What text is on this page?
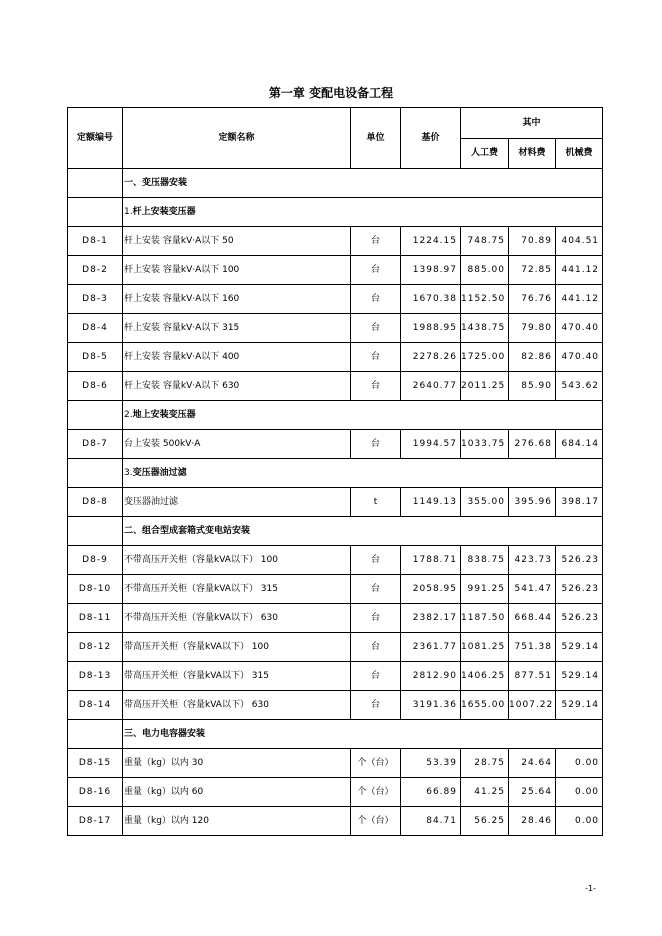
第一章 变配电设备工程
定额编号	定额名称	单位	基价	其中		
				人工费	材料费	机械费
	一、变压器安装					
	1.杆上安装变压器					
D8-1	杆上安装 容量kV·A以下 50	台	1224.15	748.75	70.89	404.51
D8-2	杆上安装 容量kV·A以下 100	台	1398.97	885.00	72.85	441.12
D8-3	杆上安装 容量kV·A以下 160	台	1670.38	1152.50	76.76	441.12
D8-4	杆上安装 容量kV·A以下 315	台	1988.95	1438.75	79.80	470.40
D8-5	杆上安装 容量kV·A以下 400	台	2278.26	1725.00	82.86	470.40
D8-6	杆上安装 容量kV·A以下 630	台	2640.77	2011.25	85.90	543.62
	2.地上安装变压器					
D8-7	台上安装 500kV·A	台	1994.57	1033.75	276.68	684.14
	3.变压器油过滤					
D8-8	变压器油过滤	t	1149.13	355.00	395.96	398.17
	二、组合型成套箱式变电站安装					
D8-9	不带高压开关柜（容量kVA以下） 100	台	1788.71	838.75	423.73	526.23
D8-10	不带高压开关柜（容量kVA以下） 315	台	2058.95	991.25	541.47	526.23
D8-11	不带高压开关柜（容量kVA以下） 630	台	2382.17	1187.50	668.44	526.23
D8-12	带高压开关柜（容量kVA以下） 100	台	2361.77	1081.25	751.38	529.14
D8-13	带高压开关柜（容量kVA以下） 315	台	2812.90	1406.25	877.51	529.14
D8-14	带高压开关柜（容量kVA以下） 630	台	3191.36	1655.00	1007.22	529.14
	三、电力电容器安装					
D8-15	重量（kg）以内 30	个（台）	53.39	28.75	24.64	0.00
D8-16	重量（kg）以内 60	个（台）	66.89	41.25	25.64	0.00
D8-17	重量（kg）以内 120	个（台）	84.71	56.25	28.46	0.00
-1-
